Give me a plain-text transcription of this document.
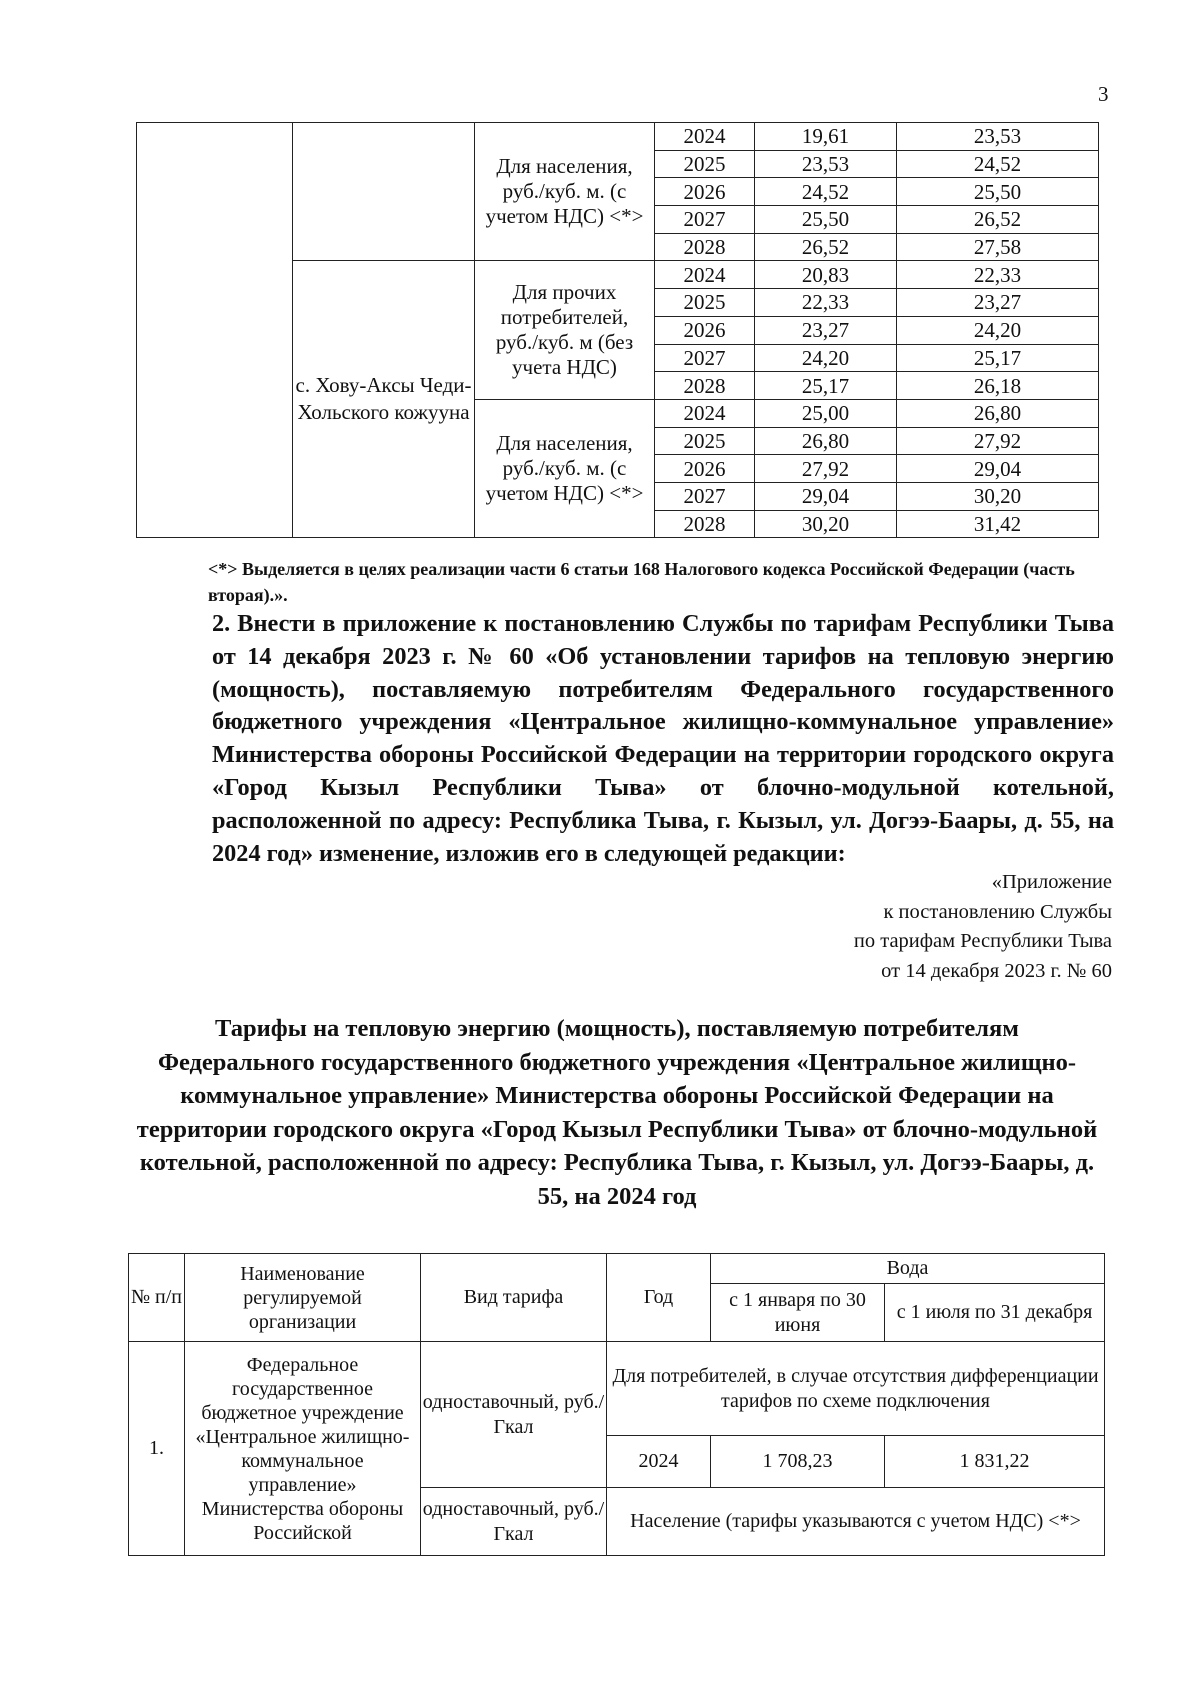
3
		Для населения, руб./куб. м. (с учетом НДС) <*>	2024	19,61	23,53
			2025	23,53	24,52
			2026	24,52	25,50
			2027	25,50	26,52
			2028	26,52	27,58
	с. Хову-Аксы Чеди-Хольского кожууна	Для прочих потребителей, руб./куб. м (без учета НДС)	2024	20,83	22,33
			2025	22,33	23,27
			2026	23,27	24,20
			2027	24,20	25,17
			2028	25,17	26,18
		Для населения, руб./куб. м. (с учетом НДС) <*>	2024	25,00	26,80
			2025	26,80	27,92
			2026	27,92	29,04
			2027	29,04	30,20
			2028	30,20	31,42
<*> Выделяется в целях реализации части 6 статьи 168 Налогового кодекса Российской Федерации (часть вторая).».
2. Внести в приложение к постановлению Службы по тарифам Республики Тыва от 14 декабря 2023 г. № 60 «Об установлении тарифов на тепловую энергию (мощность), поставляемую потребителям Федерального государственного бюджетного учреждения «Центральное жилищно-коммунальное управление» Министерства обороны Российской Федерации на территории городского округа «Город Кызыл Республики Тыва» от блочно-модульной котельной, расположенной по адресу: Республика Тыва, г. Кызыл, ул. Догээ-Баары, д. 55, на 2024 год» изменение, изложив его в следующей редакции:
«Приложение
к постановлению Службы
по тарифам Республики Тыва
от 14 декабря 2023 г. № 60
Тарифы на тепловую энергию (мощность), поставляемую потребителям Федерального государственного бюджетного учреждения «Центральное жилищно-коммунальное управление» Министерства обороны Российской Федерации на территории городского округа «Город Кызыл Республики Тыва» от блочно-модульной котельной, расположенной по адресу: Республика Тыва, г. Кызыл, ул. Догээ-Баары, д. 55, на 2024 год
№ п/п	Наименование регулируемой организации	Вид тарифа	Год	Вода	
				с 1 января по 30 июня	с 1 июля по 31 декабря
1.	Федеральное государственное бюджетное учреждение «Центральное жилищно-коммунальное управление» Министерства обороны Российской	одноставочный, руб./Гкал	Для потребителей, в случае отсутствия дифференциации тарифов по схеме подключения		
			2024	1 708,23	1 831,22
		одноставочный, руб./Гкал	Население (тарифы указываются с учетом НДС) <*>		
